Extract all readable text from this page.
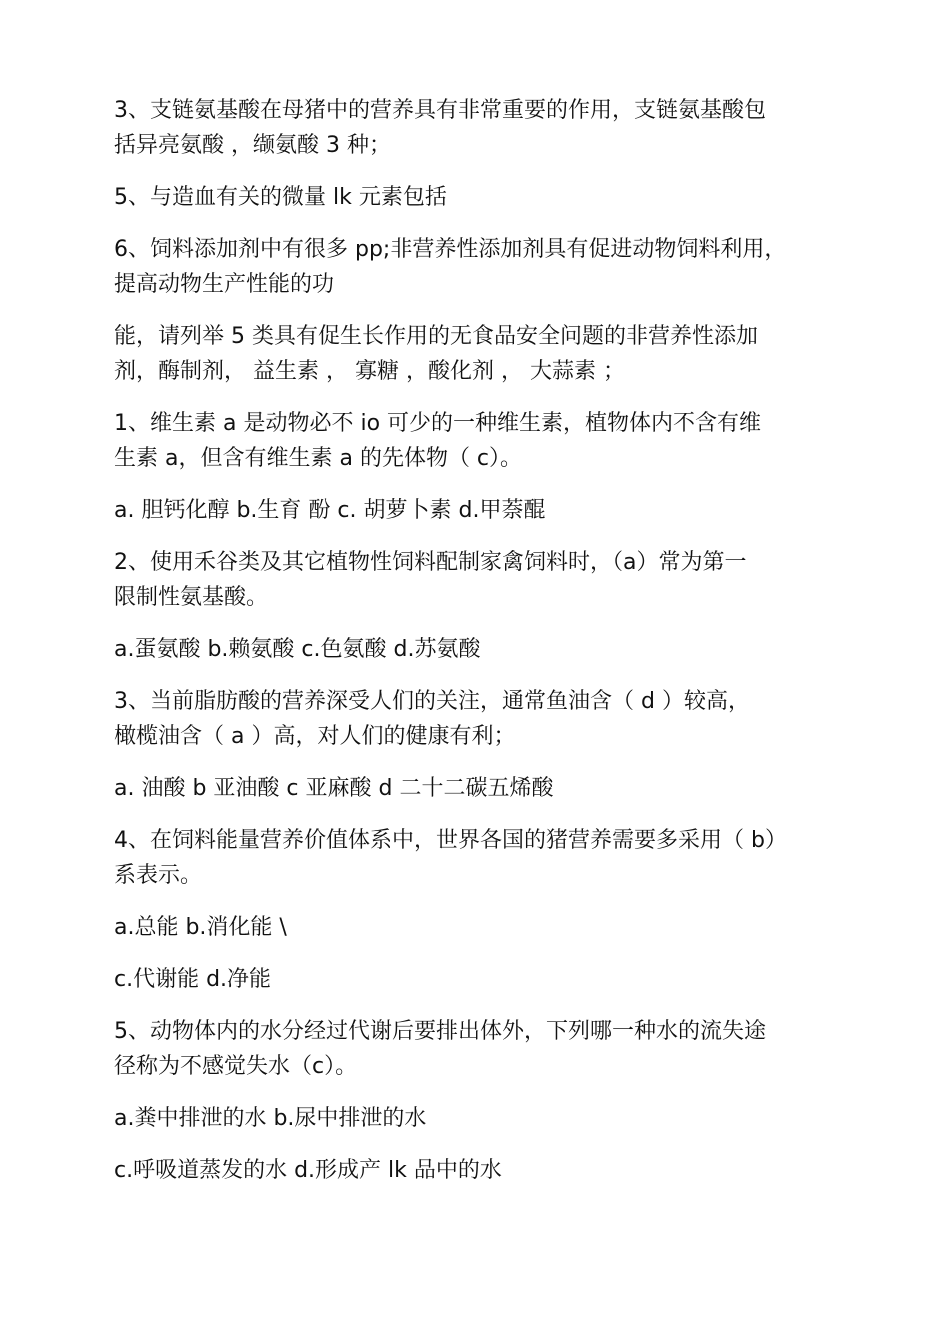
3、支链氨基酸在母猪中的营养具有非常重要的作用，支链氨基酸包
括异亮氨酸 ，缬氨酸 3 种；
5、与造血有关的微量 lk 元素包括
6、饲料添加剂中有很多 pp;非营养性添加剂具有促进动物饲料利用，
提高动物生产性能的功
能，请列举 5 类具有促生长作用的无食品安全问题的非营养性添加
剂，酶制剂， 益生素 ， 寡糖 ，酸化剂 ， 大蒜素 ；
1、维生素 a 是动物必不 io 可少的一种维生素，植物体内不含有维
生素 a，但含有维生素 a 的先体物（ c）。
a. 胆钙化醇 b.生育 酚 c. 胡萝卜素 d.甲萘醌
2、使用禾谷类及其它植物性饲料配制家禽饲料时，（a）常为第一
限制性氨基酸。
a.蛋氨酸 b.赖氨酸 c.色氨酸 d.苏氨酸
3、当前脂肪酸的营养深受人们的关注，通常鱼油含（ d ）较高，
橄榄油含（ a ）高，对人们的健康有利；
a. 油酸 b 亚油酸 c 亚麻酸 d 二十二碳五烯酸
4、在饲料能量营养价值体系中，世界各国的猪营养需要多采用（ b）
系表示。
a.总能 b.消化能 \
c.代谢能 d.净能
5、动物体内的水分经过代谢后要排出体外，下列哪一种水的流失途
径称为不感觉失水（c）。
a.粪中排泄的水 b.尿中排泄的水
c.呼吸道蒸发的水 d.形成产 lk 品中的水
